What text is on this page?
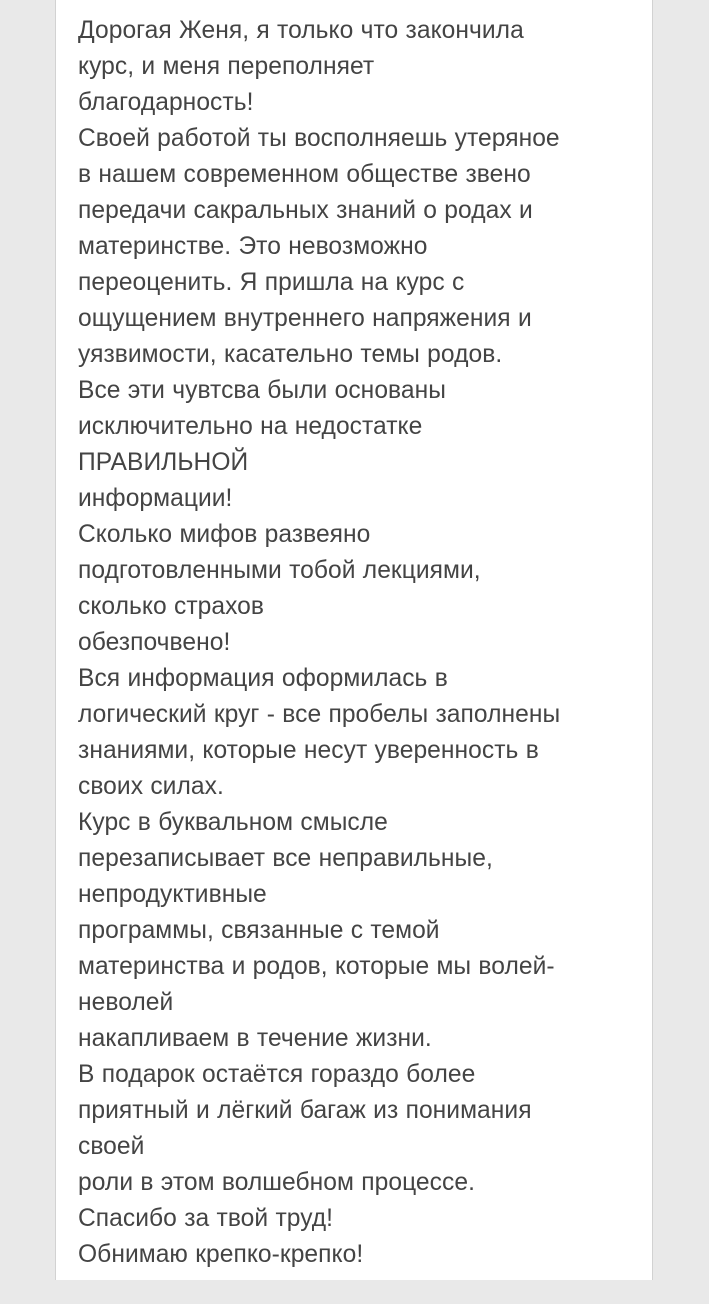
Дорогая Женя, я только что закончила
курс, и меня переполняет
благодарность!
Своей работой ты восполняешь утеряное
в нашем современном обществе звено
передачи сакральных знаний о родах и
материнстве. Это невозможно
переоценить. Я пришла на курс с
ощущением внутреннего напряжения и
уязвимости, касательно темы родов.
Все эти чувтсва были основаны
исключительно на недостатке
ПРАВИЛЬНОЙ
информации!
Сколько мифов развеяно
подготовленными тобой лекциями,
сколько страхов
обезпочвено!
Вся информация оформилась в
логический круг - все пробелы заполнены
знаниями, которые несут уверенность в
своих силах.
Курс в буквальном смысле
перезаписывает все неправильные,
непродуктивные
программы, связанные с темой
материнства и родов, которые мы волей-
неволей
накапливаем в течение жизни.
В подарок остаётся гораздо более
приятный и лёгкий багаж из понимания
своей
роли в этом волшебном процессе.
Спасибо за твой труд!
Обнимаю крепко-крепко!
